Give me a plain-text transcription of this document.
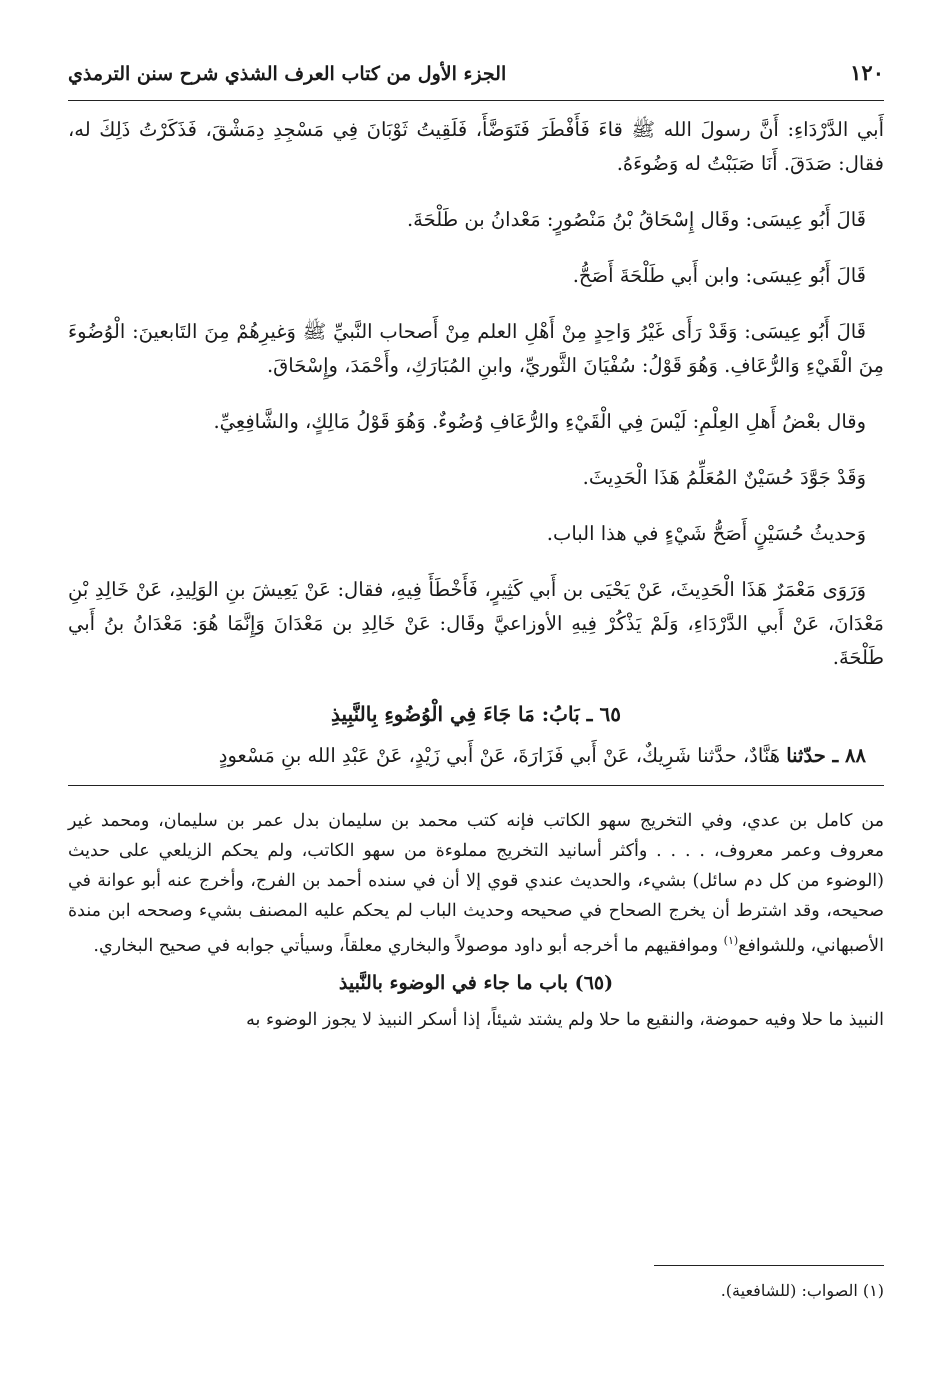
١٢٠
الجزء الأول من كتاب العرف الشذي شرح سنن الترمذي

أَبي الدَّرْدَاءِ: أَنَّ رسولَ الله ﷺ قاءَ فَأَفْطَرَ فَتَوَضَّأَ، فَلَقِيتُ ثَوْبَانَ فِي مَسْجِدِ دِمَشْقَ، فَذَكَرْتُ ذَلِكَ له، فقال: صَدَقَ. أَنَا صَبَبْتُ له وَضُوءَهُ.

قَالَ أَبُو عِيسَى: وقَال إِسْحَاقُ بْنُ مَنْصُورٍ: مَعْدانُ بن طَلْحَةَ.

قَالَ أَبُو عِيسَى: وابن أَبي طَلْحَةَ أَصَحُّ.

قَالَ أَبُو عِيسَى: وَقَدْ رَأَى غَيْرُ وَاحِدٍ مِنْ أَهْلِ العلم مِنْ أَصحاب النَّبيِّ ﷺ وَغيرِهُمْ مِنَ التَابعينَ: الْوُضُوءَ مِنَ الْقَيْءِ وَالرُّعَافِ. وَهُوَ قَوْلُ: سُفْيَانَ الثَّوريِّ، وابنِ المُبَارَكِ، وأَحْمَدَ، وإِسْحَاقَ.

وقال بعْضُ أَهلِ العِلْمِ: لَيْسَ فِي الْقَيْءِ والرُّعَافِ وُضُوءٌ. وَهُوَ قَوْلُ مَالِكٍ، والشَّافِعِيِّ.

وَقَدْ جَوَّدَ حُسَيْنٌ المُعَلِّمُ هَذَا الْحَدِيثَ.

وَحديثُ حُسَيْنٍ أَصَحُّ شَيْءٍ في هذا الباب.

وَرَوَى مَعْمَرٌ هَذَا الْحَدِيثَ، عَنْ يَحْيَى بن أَبي كَثِيرٍ، فَأَخْطَأَ فِيهِ، فقال: عَنْ يَعِيشَ بنِ الوَلِيدِ، عَنْ خَالِدِ بْنِ مَعْدَانَ، عَنْ أَبي الدَّرْدَاءِ، وَلَمْ يَذْكُرْ فِيهِ الأوزاعيَّ وقَال: عَنْ خَالِدِ بن مَعْدَانَ وَإِنَّمَا هُوَ: مَعْدَانُ بنُ أَبي طَلْحَةَ.

٦٥ ـ بَابُ: مَا جَاءَ فِي الْوُضُوءِ بِالنَّبِيذِ

٨٨ ـ حدّثنا هَنَّادٌ، حدَّثنا شَرِيكٌ، عَنْ أَبي فَزَارَةَ، عَنْ أَبي زَيْدٍ، عَنْ عَبْدِ الله بنِ مَسْعودٍ

من كامل بن عدي، وفي التخريج سهو الكاتب فإنه كتب محمد بن سليمان بدل عمر بن سليمان، ومحمد غير معروف وعمر معروف، . . . . وأكثر أسانيد التخريج مملوءة من سهو الكاتب، ولم يحكم الزيلعي على حديث (الوضوء من كل دم سائل) بشيء، والحديث عندي قوي إلا أن في سنده أحمد بن الفرج، وأخرج عنه أبو عوانة في صحيحه، وقد اشترط أن يخرج الصحاح في صحيحه وحديث الباب لم يحكم عليه المصنف بشيء وصححه ابن مندة الأصبهاني، وللشوافع$^{(١)}$ وموافقيهم ما أخرجه أبو داود موصولاً والبخاري معلقاً، وسيأتي جوابه في صحيح البخاري.

(٦٥) باب ما جاء في الوضوء بالنَّبيذ

النبيذ ما حلا وفيه حموضة، والنقيع ما حلا ولم يشتد شيئاً، إذا أسكر النبيذ لا يجوز الوضوء به

(١) الصواب: (للشافعية).
